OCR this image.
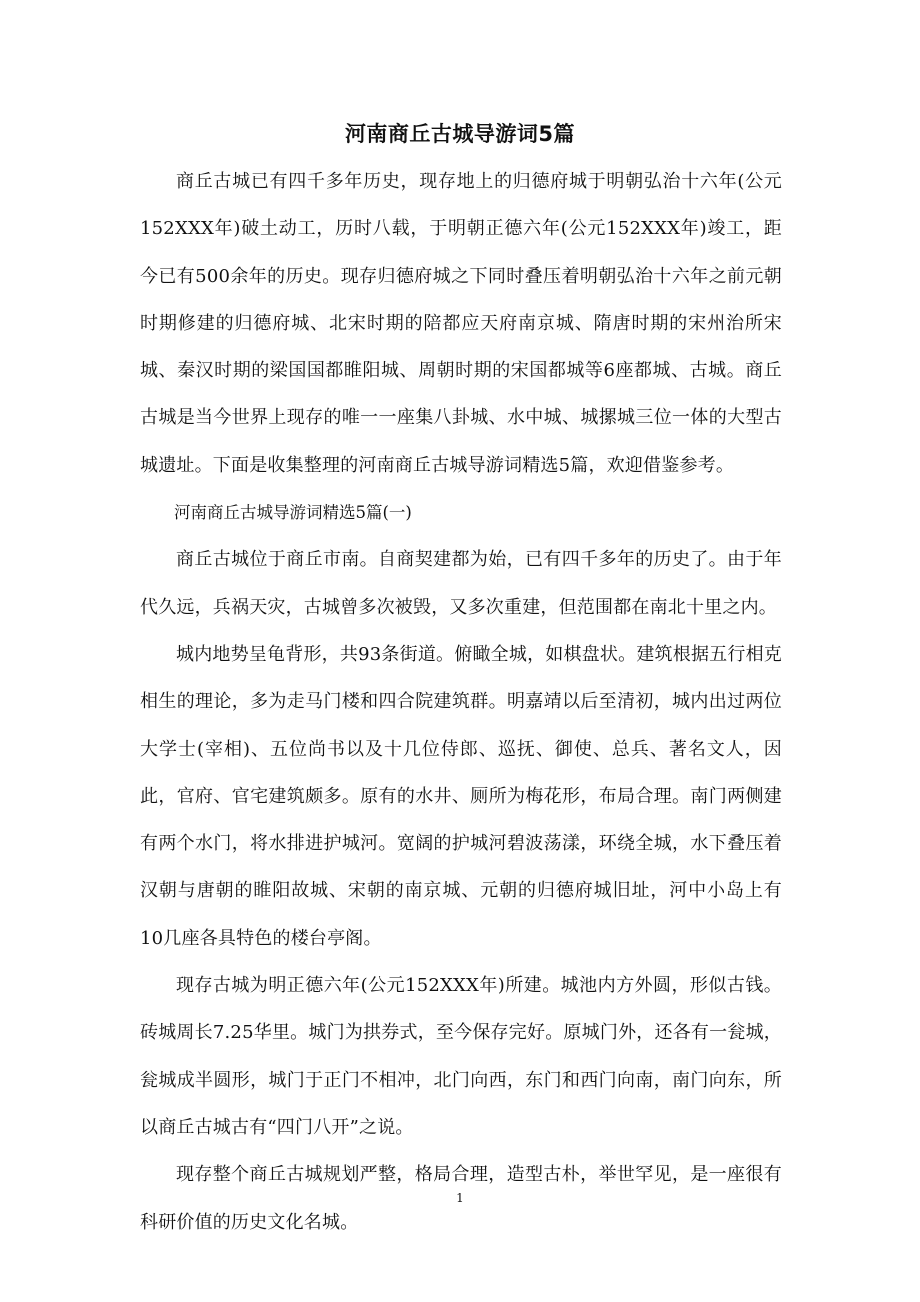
河南商丘古城导游词5篇

商丘古城已有四千多年历史，现存地上的归德府城于明朝弘治十六年(公元152XXX年)破土动工，历时八载，于明朝正德六年(公元152XXX年)竣工，距今已有500余年的历史。现存归德府城之下同时叠压着明朝弘治十六年之前元朝时期修建的归德府城、北宋时期的陪都应天府南京城、隋唐时期的宋州治所宋城、秦汉时期的梁国国都睢阳城、周朝时期的宋国都城等6座都城、古城。商丘古城是当今世界上现存的唯一一座集八卦城、水中城、城摞城三位一体的大型古城遗址。下面是收集整理的河南商丘古城导游词精选5篇，欢迎借鉴参考。

河南商丘古城导游词精选5篇(一)

商丘古城位于商丘市南。自商契建都为始，已有四千多年的历史了。由于年代久远，兵祸天灾，古城曾多次被毁，又多次重建，但范围都在南北十里之内。

城内地势呈龟背形，共93条街道。俯瞰全城，如棋盘状。建筑根据五行相克相生的理论，多为走马门楼和四合院建筑群。明嘉靖以后至清初，城内出过两位大学士(宰相)、五位尚书以及十几位侍郎、巡抚、御使、总兵、著名文人，因此，官府、官宅建筑颇多。原有的水井、厕所为梅花形，布局合理。南门两侧建有两个水门，将水排进护城河。宽阔的护城河碧波荡漾，环绕全城，水下叠压着汉朝与唐朝的睢阳故城、宋朝的南京城、元朝的归德府城旧址，河中小岛上有10几座各具特色的楼台亭阁。

现存古城为明正德六年(公元152XXX年)所建。城池内方外圆，形似古钱。砖城周长7.25华里。城门为拱券式，至今保存完好。原城门外，还各有一瓮城，瓮城成半圆形，城门于正门不相冲，北门向西，东门和西门向南，南门向东，所以商丘古城古有“四门八开”之说。

现存整个商丘古城规划严整，格局合理，造型古朴，举世罕见，是一座很有科研价值的历史文化名城。

1
